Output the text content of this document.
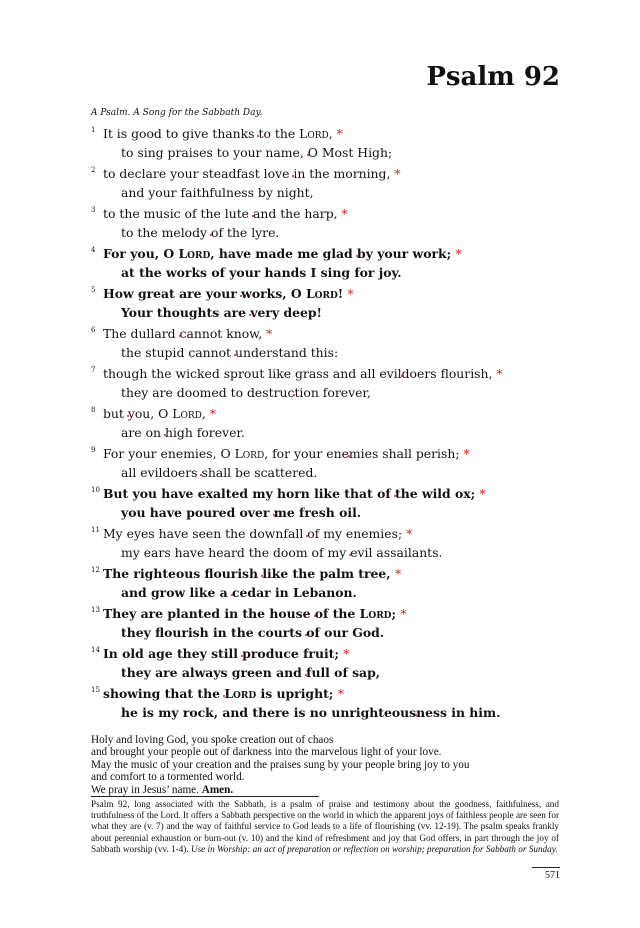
Psalm 92
A Psalm. A Song for the Sabbath Day.
1 It is good to give thanks to the Lord, *
to sing praises to your name, O Most High;
2 to declare your steadfast love in the morning, *
and your faithfulness by night,
3 to the music of the lute and the harp, *
to the melody of the lyre.
4 For you, O Lord, have made me glad by your work; *
at the works of your hands I sing for joy.
5 How great are your works, O Lord! *
Your thoughts are very deep!
6 The dullard cannot know, *
the stupid cannot understand this:
7 though the wicked sprout like grass and all evildoers flourish, *
they are doomed to destruction forever,
8 but you, O Lord, *
are on high forever.
9 For your enemies, O Lord, for your enemies shall perish; *
all evildoers shall be scattered.
10 But you have exalted my horn like that of the wild ox; *
you have poured over me fresh oil.
11 My eyes have seen the downfall of my enemies; *
my ears have heard the doom of my evil assailants.
12 The righteous flourish like the palm tree, *
and grow like a cedar in Lebanon.
13 They are planted in the house of the Lord; *
they flourish in the courts of our God.
14 In old age they still produce fruit; *
they are always green and full of sap,
15 showing that the Lord is upright; *
he is my rock, and there is no unrighteousness in him.
Holy and loving God, you spoke creation out of chaos
and brought your people out of darkness into the marvelous light of your love.
May the music of your creation and the praises sung by your people bring joy to you
and comfort to a tormented world.
We pray in Jesus’ name. Amen.
Psalm 92, long associated with the Sabbath, is a psalm of praise and testimony about the goodness, faithfulness, and truthfulness of the Lord. It offers a Sabbath perspective on the world in which the apparent joys of faithless people are seen for what they are (v. 7) and the way of faithful service to God leads to a life of flourishing (vv. 12-19). The psalm speaks frankly about perennial exhaustion or burn-out (v. 10) and the kind of refreshment and joy that God offers, in part through the joy of Sabbath worship (vv. 1-4). Use in Worship: an act of preparation or reflection on worship; preparation for Sabbath or Sunday.
571
